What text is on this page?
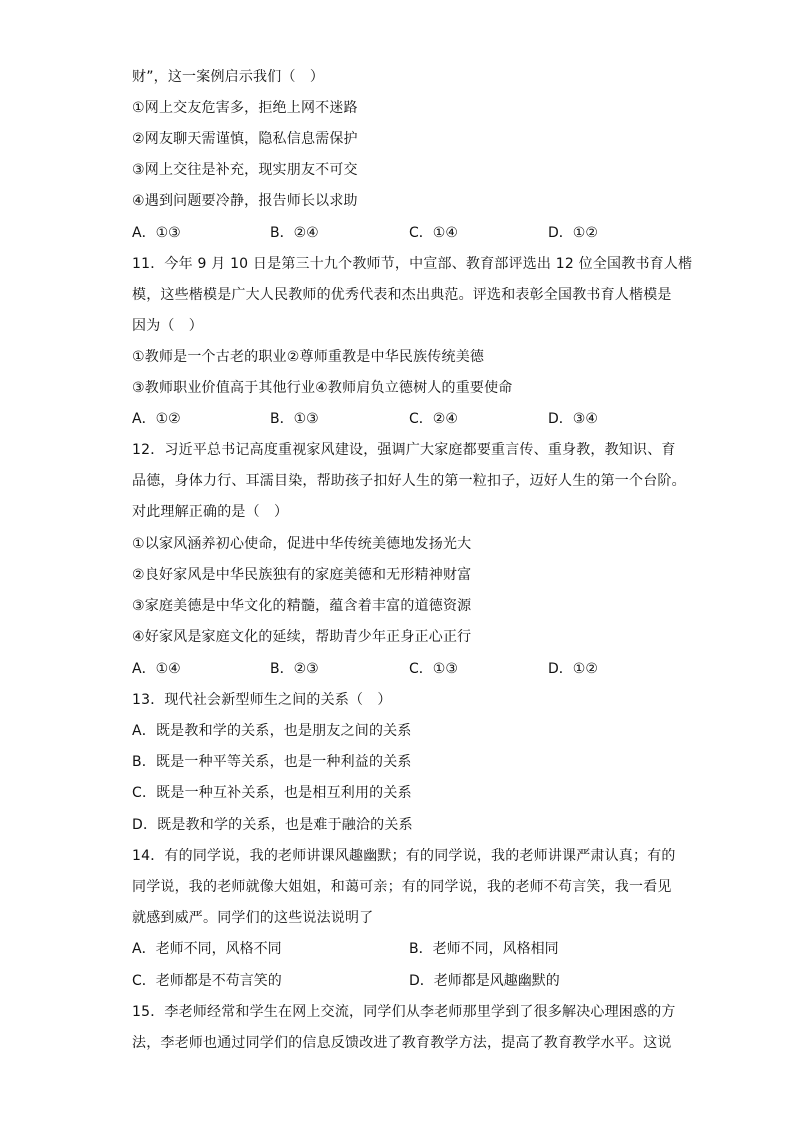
财”，这一案例启示我们（　）
①网上交友危害多，拒绝上网不迷路
②网友聊天需谨慎，隐私信息需保护
③网上交往是补充，现实朋友不可交
④遇到问题要冷静，报告师长以求助
A．①③	B．②④	C．①④	D．①②
11．今年 9 月 10 日是第三十九个教师节，中宣部、教育部评选出 12 位全国教书育人楷
模，这些楷模是广大人民教师的优秀代表和杰出典范。评选和表彰全国教书育人楷模是
因为（　）
①教师是一个古老的职业②尊师重教是中华民族传统美德
③教师职业价值高于其他行业④教师肩负立德树人的重要使命
A．①②	B．①③	C．②④	D．③④
12．习近平总书记高度重视家风建设，强调广大家庭都要重言传、重身教，教知识、育
品德，身体力行、耳濡目染，帮助孩子扣好人生的第一粒扣子，迈好人生的第一个台阶。
对此理解正确的是（　）
①以家风涵养初心使命，促进中华传统美德地发扬光大
②良好家风是中华民族独有的家庭美德和无形精神财富
③家庭美德是中华文化的精髓，蕴含着丰富的道德资源
④好家风是家庭文化的延续，帮助青少年正身正心正行
A．①④	B．②③	C．①③	D．①②
13．现代社会新型师生之间的关系（　）
A．既是教和学的关系，也是朋友之间的关系
B．既是一种平等关系，也是一种利益的关系
C．既是一种互补关系，也是相互利用的关系
D．既是教和学的关系，也是难于融洽的关系
14．有的同学说，我的老师讲课风趣幽默；有的同学说，我的老师讲课严肃认真；有的
同学说，我的老师就像大姐姐，和蔼可亲；有的同学说，我的老师不苟言笑，我一看见
就感到威严。同学们的这些说法说明了
A．老师不同，风格不同	B．老师不同，风格相同
C．老师都是不苟言笑的	D．老师都是风趣幽默的
15．李老师经常和学生在网上交流，同学们从李老师那里学到了很多解决心理困惑的方
法，李老师也通过同学们的信息反馈改进了教育教学方法，提高了教育教学水平。这说
